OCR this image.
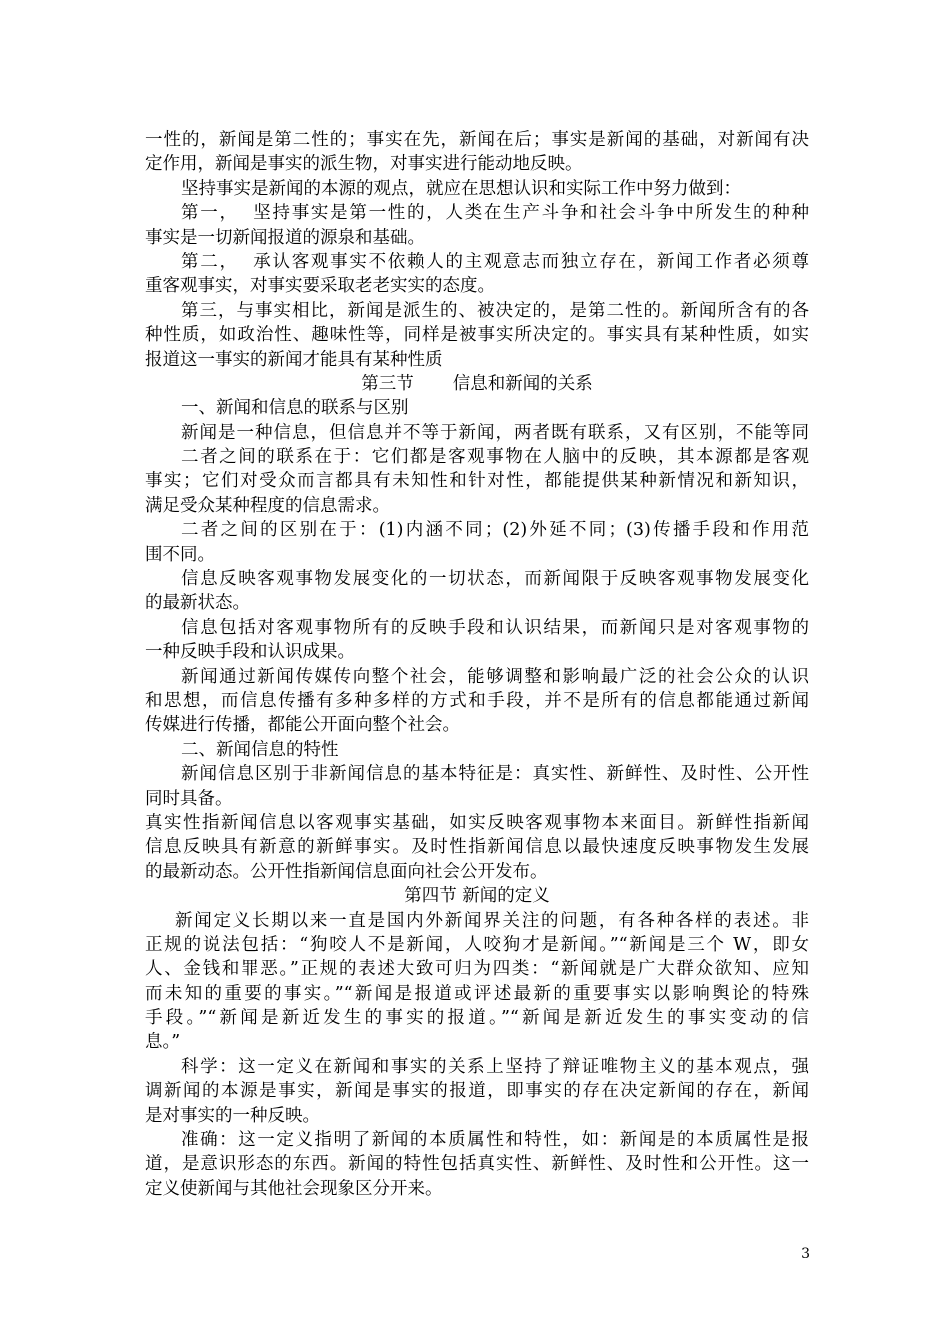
一性的，新闻是第二性的；事实在先，新闻在后；事实是新闻的基础，对新闻有决
定作用，新闻是事实的派生物，对事实进行能动地反映。
坚持事实是新闻的本源的观点，就应在思想认识和实际工作中努力做到：
第一，  坚持事实是第一性的，人类在生产斗争和社会斗争中所发生的种种
事实是一切新闻报道的源泉和基础。
第二，  承认客观事实不依赖人的主观意志而独立存在，新闻工作者必须尊
重客观事实，对事实要采取老老实实的态度。
第三，与事实相比，新闻是派生的、被决定的，是第二性的。新闻所含有的各
种性质，如政治性、趣味性等，同样是被事实所决定的。事实具有某种性质，如实
报道这一事实的新闻才能具有某种性质
第三节       信息和新闻的关系
一、新闻和信息的联系与区别
新闻是一种信息，但信息并不等于新闻，两者既有联系，又有区别，不能等同
二者之间的联系在于：它们都是客观事物在人脑中的反映，其本源都是客观
事实；它们对受众而言都具有未知性和针对性，都能提供某种新情况和新知识，
满足受众某种程度的信息需求。
二者之间的区别在于：(1)内涵不同；(2)外延不同；(3)传播手段和作用范
围不同。
信息反映客观事物发展变化的一切状态，而新闻限于反映客观事物发展变化
的最新状态。
信息包括对客观事物所有的反映手段和认识结果，而新闻只是对客观事物的
一种反映手段和认识成果。
新闻通过新闻传媒传向整个社会，能够调整和影响最广泛的社会公众的认识
和思想，而信息传播有多种多样的方式和手段，并不是所有的信息都能通过新闻
传媒进行传播，都能公开面向整个社会。
二、新闻信息的特性
新闻信息区别于非新闻信息的基本特征是：真实性、新鲜性、及时性、公开性
同时具备。
真实性指新闻信息以客观事实基础，如实反映客观事物本来面目。新鲜性指新闻
信息反映具有新意的新鲜事实。及时性指新闻信息以最快速度反映事物发生发展
的最新动态。公开性指新闻信息面向社会公开发布。
第四节 新闻的定义
新闻定义长期以来一直是国内外新闻界关注的问题，有各种各样的表述。非
正规的说法包括：“狗咬人不是新闻，人咬狗才是新闻。”“新闻是三个 W，即女
人、金钱和罪恶。”正规的表述大致可归为四类：“新闻就是广大群众欲知、应知
而未知的重要的事实。”“新闻是报道或评述最新的重要事实以影响舆论的特殊
手段。”“新闻是新近发生的事实的报道。”“新闻是新近发生的事实变动的信
息。”
科学：这一定义在新闻和事实的关系上坚持了辩证唯物主义的基本观点，强
调新闻的本源是事实，新闻是事实的报道，即事实的存在决定新闻的存在，新闻
是对事实的一种反映。
准确：这一定义指明了新闻的本质属性和特性，如：新闻是的本质属性是报
道，是意识形态的东西。新闻的特性包括真实性、新鲜性、及时性和公开性。这一
定义使新闻与其他社会现象区分开来。
3
